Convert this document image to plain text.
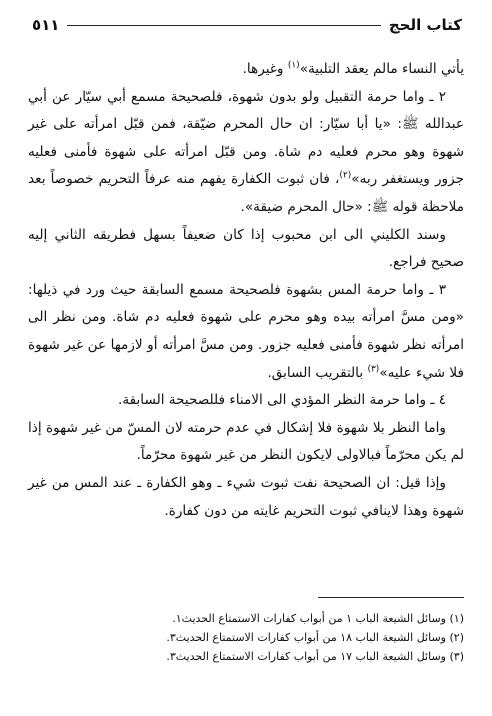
كتاب الحج
٥١١

يأتي النساء مالم يعقد التلبية»$^{(١)}$ وغيرها.

٢ ـ واما حرمة التقبيل ولو بدون شهوة، فلصحيحة مسمع أبي سيّار عن أبي عبدالله ﷺ: «يا أبا سيّار: ان حال المحرم ضيّقة، فمن قبّل امرأته على غير شهوة وهو محرم فعليه دم شاة. ومن قبّل امرأته على شهوة فأمنى فعليه جزور ويستغفر ربه»$^{(٢)}$، فان ثبوت الكفارة يفهم منه عرفاً التحريم خصوصاً بعد ملاحظة قوله ﷺ: «حال المحرم ضيقة».

وسند الكليني الى ابن محبوب إذا كان ضعيفاً بسهل فطريقه الثاني إليه صحيح فراجع.

٣ ـ واما حرمة المس بشهوة فلصحيحة مسمع السابقة حيث ورد في ذيلها: «ومن مسَّ امرأته بيده وهو محرم على شهوة فعليه دم شاة. ومن نظر الى امرأته نظر شهوة فأمنى فعليه جزور. ومن مسَّ امرأته أو لازمها عن غير شهوة فلا شيء عليه»$^{(٣)}$ بالتقريب السابق.

٤ ـ واما حرمة النظر المؤدي الى الامناء فللصحيحة السابقة.

واما النظر بلا شهوة فلا إشكال في عدم حرمته لان المسّ من غير شهوة إذا لم يكن محرّماً فبالاولى لايكون النظر من غير شهوة محرّماً.

وإذا قيل: ان الصحيحة نفت ثبوت شيء ـ وهو الكفارة ـ عند المس من غير شهوة وهذا لاينافي ثبوت التحريم غايته من دون كفارة.

(١) وسائل الشيعة الباب ١ من أبواب كفارات الاستمتاع الحديث١.

(٢) وسائل الشيعة الباب ١٨ من أبواب كفارات الاستمتاع الحديث٣.

(٣) وسائل الشيعة الباب ١٧ من أبواب كفارات الاستمتاع الحديث٣.
